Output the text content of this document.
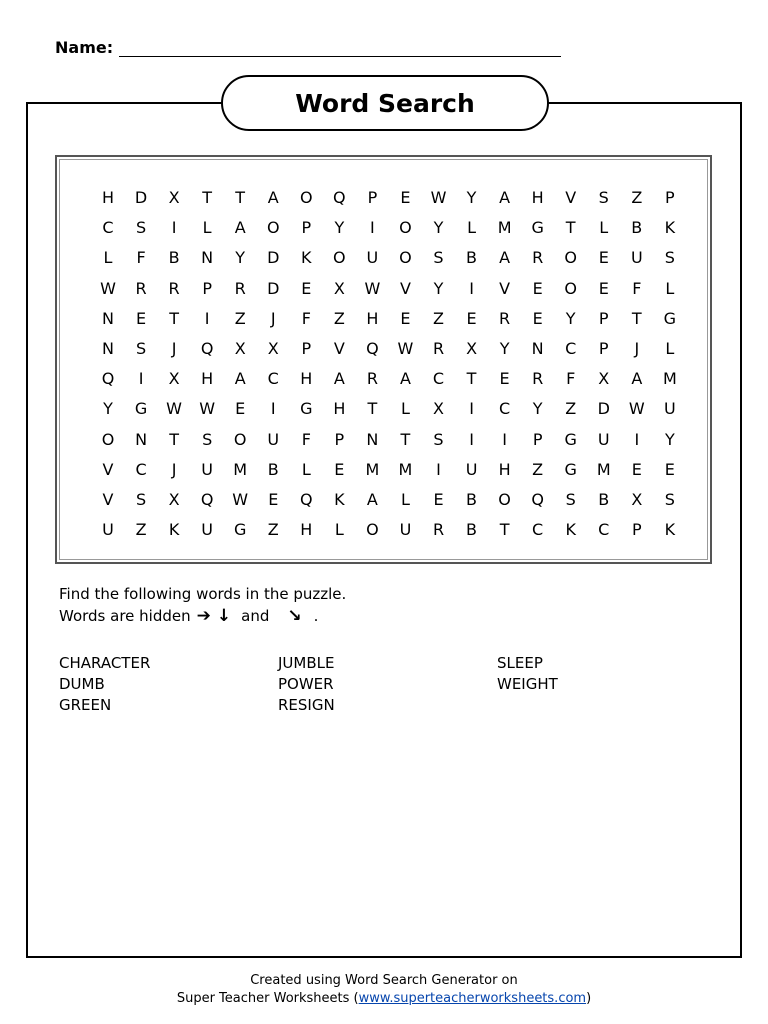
Name:
Word Search
H	D	X	T	T	A	O	Q	P	E	W	Y	A	H	V	S	Z	P
C	S	I	L	A	O	P	Y	I	O	Y	L	M	G	T	L	B	K
L	F	B	N	Y	D	K	O	U	O	S	B	A	R	O	E	U	S
W	R	R	P	R	D	E	X	W	V	Y	I	V	E	O	E	F	L
N	E	T	I	Z	J	F	Z	H	E	Z	E	R	E	Y	P	T	G
N	S	J	Q	X	X	P	V	Q	W	R	X	Y	N	C	P	J	L
Q	I	X	H	A	C	H	A	R	A	C	T	E	R	F	X	A	M
Y	G	W	W	E	I	G	H	T	L	X	I	C	Y	Z	D	W	U
O	N	T	S	O	U	F	P	N	T	S	I	I	P	G	U	I	Y
V	C	J	U	M	B	L	E	M	M	I	U	H	Z	G	M	E	E
V	S	X	Q	W	E	Q	K	A	L	E	B	O	Q	S	B	X	S
U	Z	K	U	G	Z	H	L	O	U	R	B	T	C	K	C	P	K
Find the following words in the puzzle.
Words are hidden ➔ ↓ and ↘ .
CHARACTER
DUMB
GREEN
JUMBLE
POWER
RESIGN
SLEEP
WEIGHT
Created using Word Search Generator on
Super Teacher Worksheets (www.superteacherworksheets.com)
